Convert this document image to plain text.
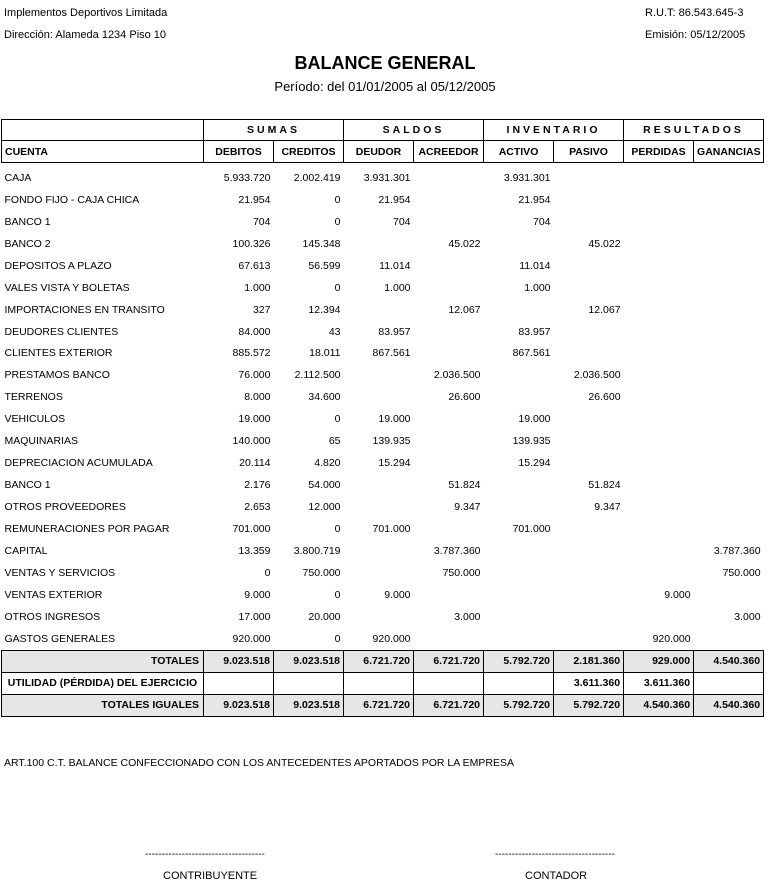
Implementos Deportivos Limitada
Dirección: Alameda 1234 Piso 10
R.U.T: 86.543.645-3
Emisión: 05/12/2005
BALANCE GENERAL
Período: del 01/01/2005 al 05/12/2005
	SUMAS		SALDOS		INVENTARIO		RESULTADOS	
CUENTA	DEBITOS	CREDITOS	DEUDOR	ACREEDOR	ACTIVO	PASIVO	PERDIDAS	GANANCIAS
CAJA	5.933.720	2.002.419	3.931.301		3.931.301			
FONDO FIJO - CAJA CHICA	21.954	0	21.954		21.954			
BANCO 1	704	0	704		704			
BANCO 2	100.326	145.348		45.022		45.022		
DEPOSITOS A PLAZO	67.613	56.599	11.014		11.014			
VALES VISTA Y BOLETAS	1.000	0	1.000		1.000			
IMPORTACIONES EN TRANSITO	327	12.394		12.067		12.067		
DEUDORES CLIENTES	84.000	43	83.957		83.957			
CLIENTES EXTERIOR	885.572	18.011	867.561		867.561			
PRESTAMOS BANCO	76.000	2.112.500		2.036.500		2.036.500		
TERRENOS	8.000	34.600		26.600		26.600		
VEHICULOS	19.000	0	19.000		19.000			
MAQUINARIAS	140.000	65	139.935		139.935			
DEPRECIACION ACUMULADA	20.114	4.820	15.294		15.294			
BANCO 1	2.176	54.000		51.824		51.824		
OTROS PROVEEDORES	2.653	12.000		9.347		9.347		
REMUNERACIONES POR PAGAR	701.000	0	701.000		701.000			
CAPITAL	13.359	3.800.719		3.787.360				3.787.360
VENTAS Y SERVICIOS	0	750.000		750.000				750.000
VENTAS EXTERIOR	9.000	0	9.000				9.000	
OTROS INGRESOS	17.000	20.000		3.000				3.000
GASTOS GENERALES	920.000	0	920.000				920.000	
TOTALES	9.023.518	9.023.518	6.721.720	6.721.720	5.792.720	2.181.360	929.000	4.540.360
UTILIDAD (PÉRDIDA) DEL EJERCICIO						3.611.360	3.611.360	
TOTALES IGUALES	9.023.518	9.023.518	6.721.720	6.721.720	5.792.720	5.792.720	4.540.360	4.540.360
ART.100 C.T. BALANCE CONFECCIONADO CON LOS ANTECEDENTES APORTADOS POR LA EMPRESA
------------------------------------	------------------------------------
CONTRIBUYENTE	CONTADOR
